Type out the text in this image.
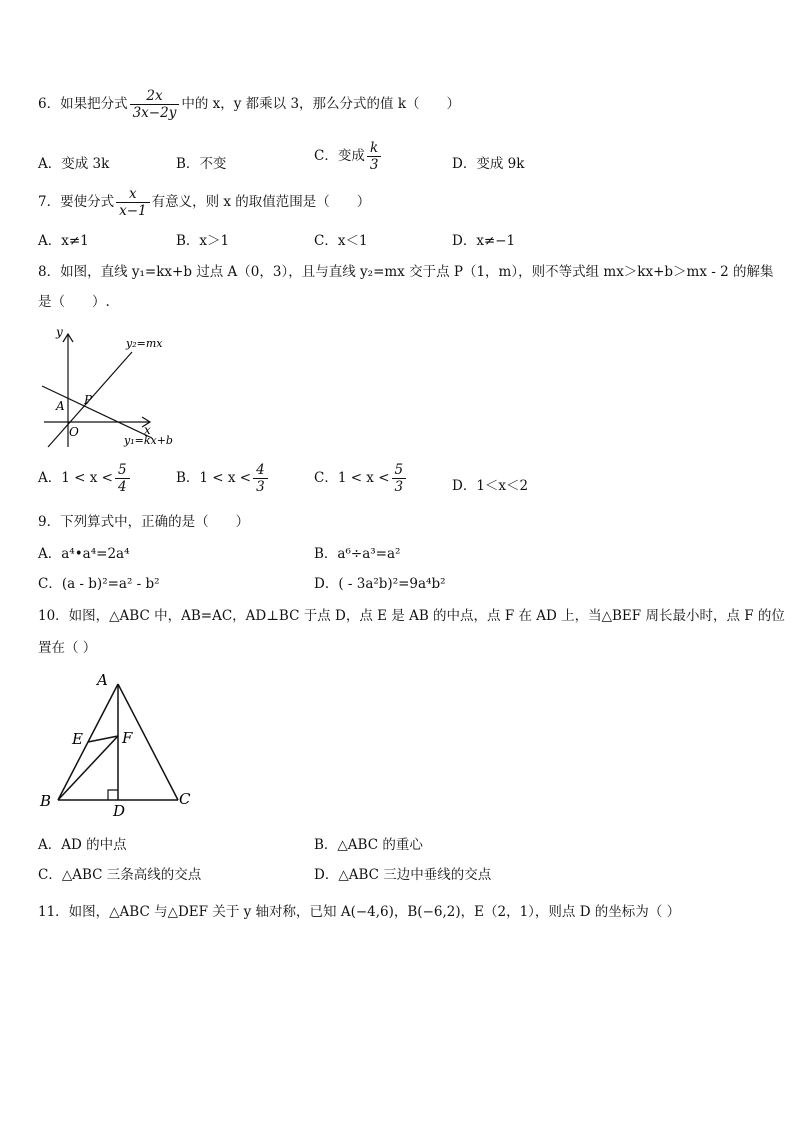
6．如果把分式 $\frac{2x}{3x-2y}$ 中的 x，y 都乘以 3，那么分式的值 k（　　）
A．变成 3k	B．不变	C．变成 $\frac{k}{3}$	D．变成 9k
7．要使分式 $\frac{x}{x-1}$ 有意义，则 x 的取值范围是（　　）
A．x≠1	B．x＞1	C．x＜1	D．x≠−1
8．如图，直线 y₁=kx+b 过点 A（0，3），且与直线 y₂=mx 交于点 P（1，m），则不等式组 mx＞kx+b＞mx - 2 的解集
是（　　）.
y
x
O
A P
y₂=mx
y₁=kx+b
A．$1 < x < \frac{5}{4}$	B．$1 < x < \frac{4}{3}$	C．$1 < x < \frac{5}{3}$	D．1＜x＜2
9．下列算式中，正确的是（　　）
A．a⁴•a⁴=2a⁴	B．a⁶÷a³=a²
C．(a - b)²=a² - b²	D．( - 3a²b)²=9a⁴b²
10．如图，△ABC 中，AB=AC，AD⊥BC 于点 D，点 E 是 AB 的中点，点 F 在 AD 上，当△BEF 周长最小时，点 F 的位
置在（ ）
A
B	C
D
E	F
A．AD 的中点	B．△ABC 的重心
C．△ABC 三条高线的交点	D．△ABC 三边中垂线的交点
11．如图，△ABC 与△DEF 关于 y 轴对称，已知 A(−4,6)，B(−6,2)，E（2，1），则点 D 的坐标为（ ）
